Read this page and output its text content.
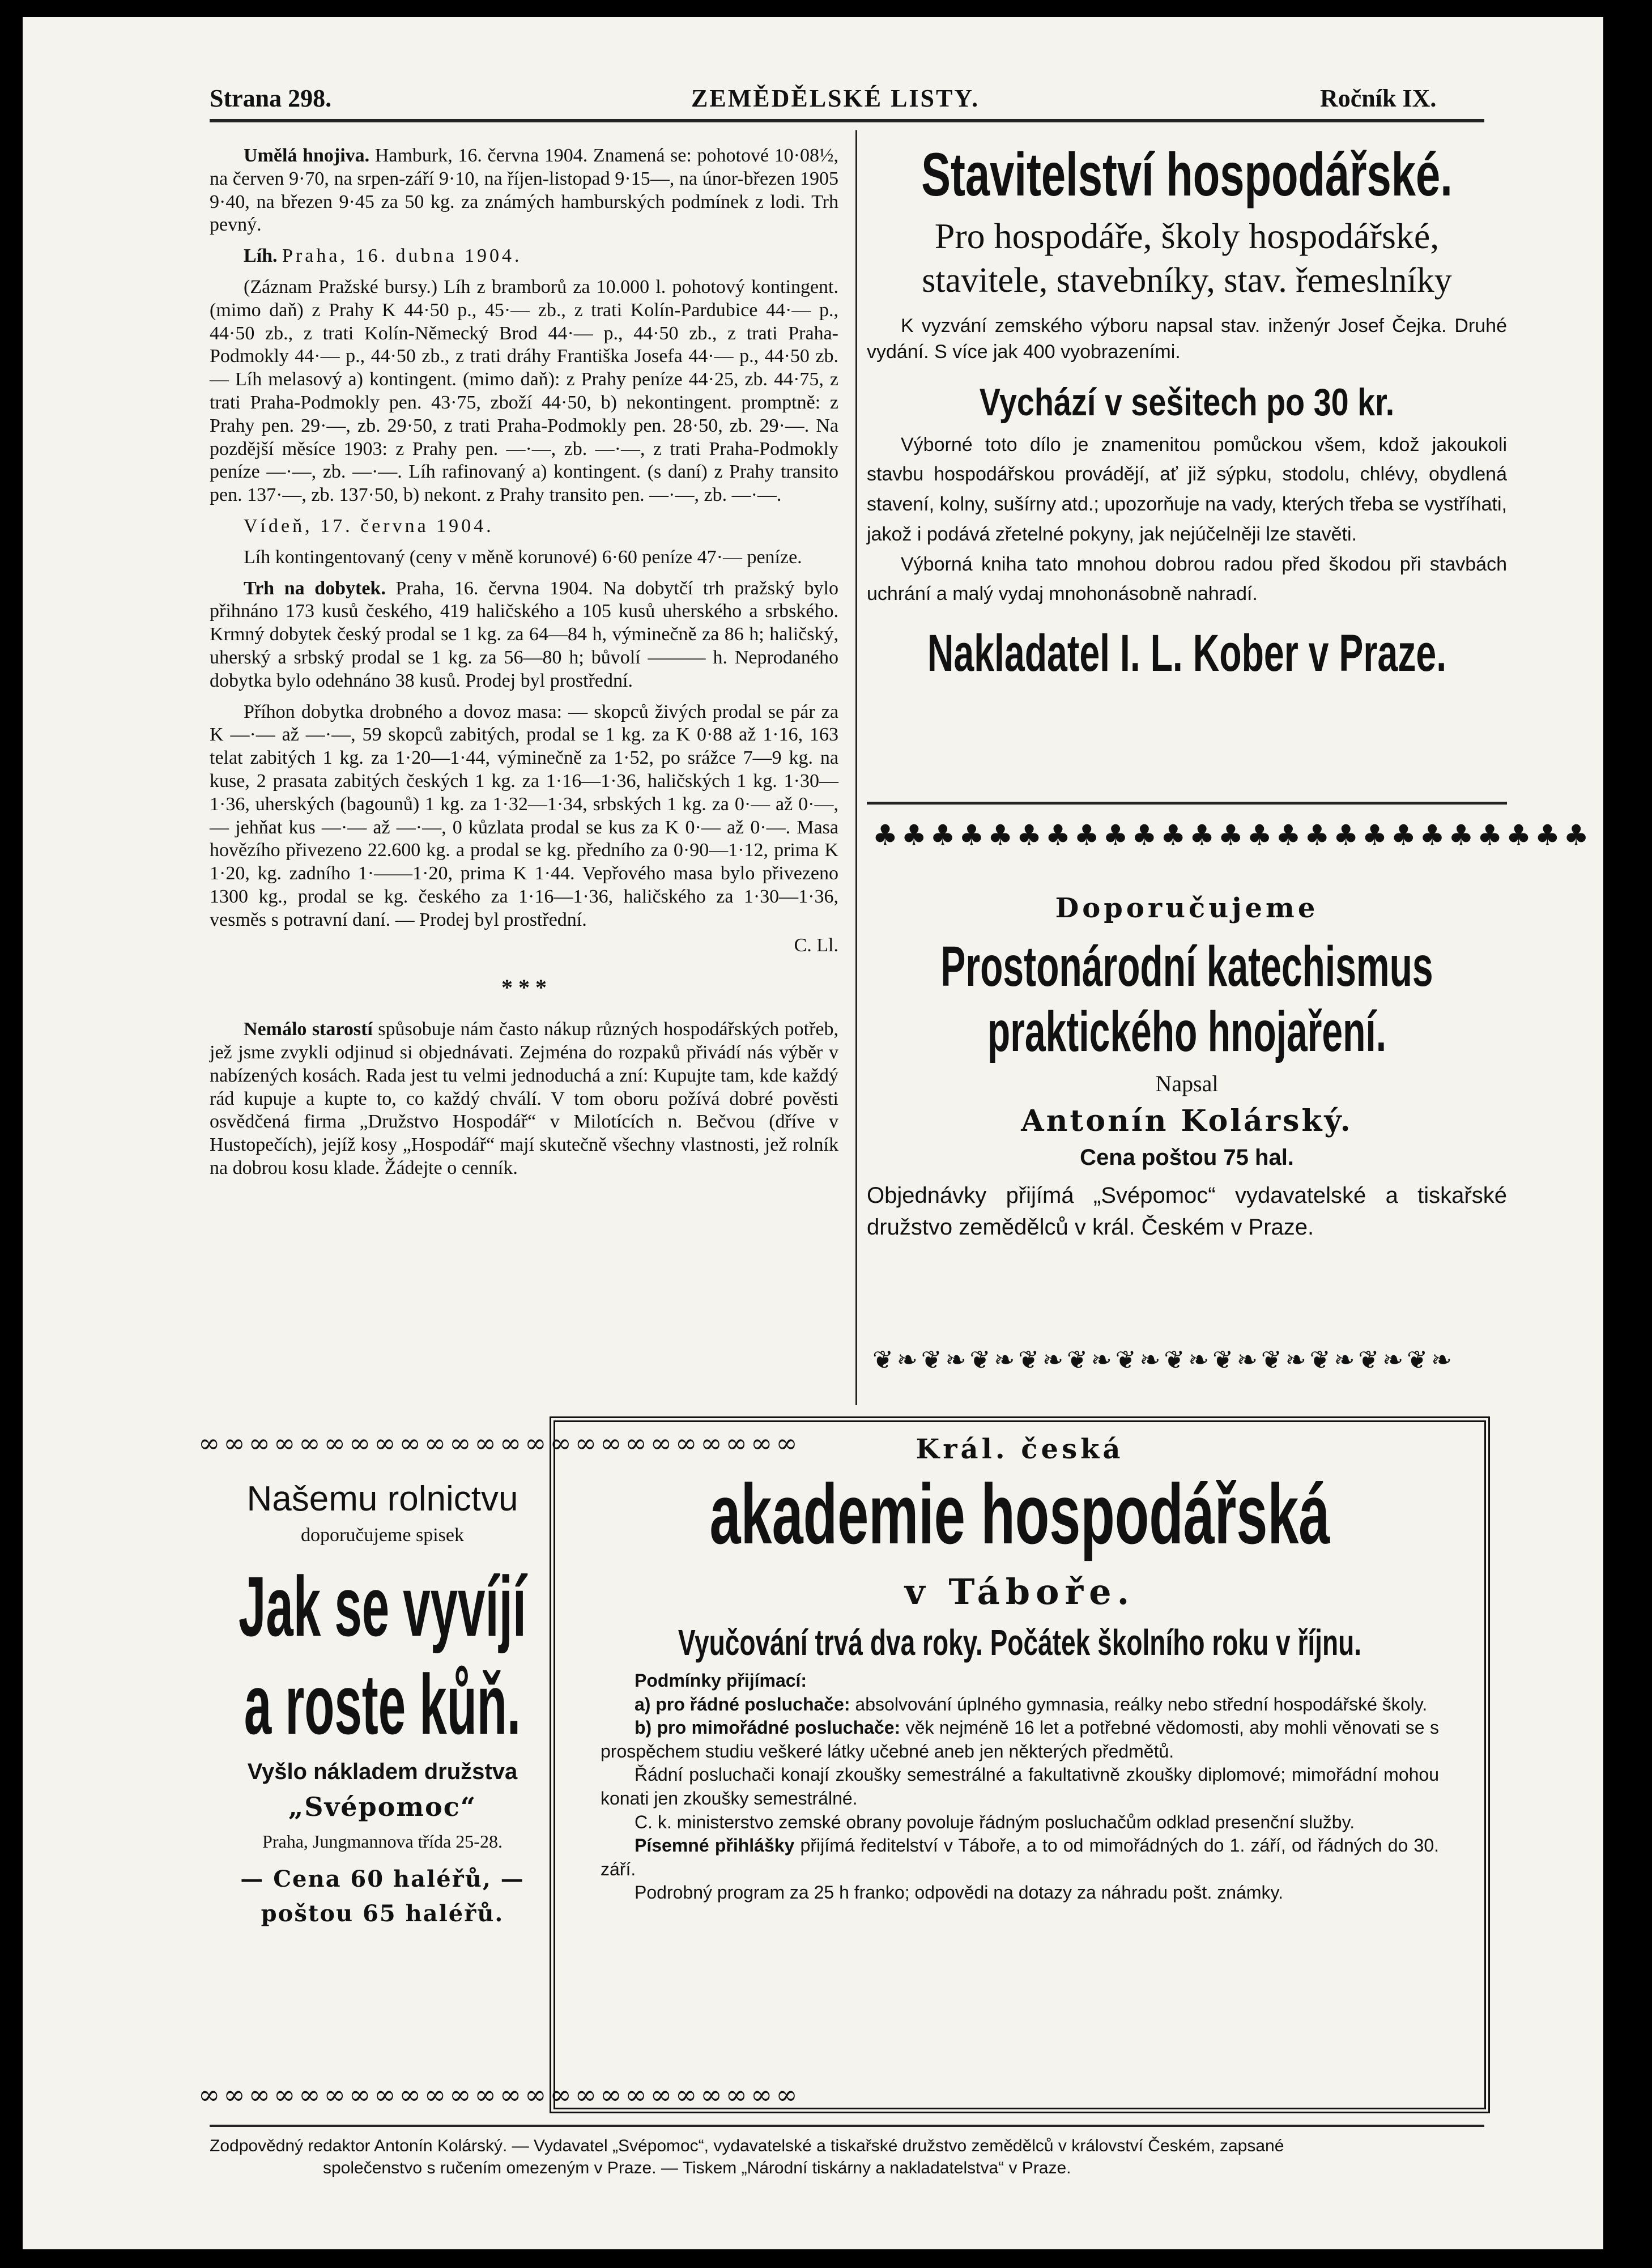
Strana 298.	ZEMĚDĚLSKÉ LISTY.	Ročník IX.

Umělá hnojiva. Hamburk, 16. června 1904. Znamená se: pohotové 10·08½, na červen 9·70, na srpen-září 9·10, na říjen-listopad 9·15—, na únor-březen 1905 9·40, na březen 9·45 za 50 kg. za známých hamburských podmínek z lodi. Trh pevný.

Líh. Praha, 16. dubna 1904.

(Záznam Pražské bursy.) Líh z bramborů za 10.000 l. pohotový kontingent. (mimo daň) z Prahy K 44·50 p., 45·— zb., z trati Kolín-Pardubice 44·— p., 44·50 zb., z trati Kolín-Německý Brod 44·— p., 44·50 zb., z trati Praha-Podmokly 44·— p., 44·50 zb., z trati dráhy Františka Josefa 44·— p., 44·50 zb. — Líh melasový a) kontingent. (mimo daň): z Prahy peníze 44·25, zb. 44·75, z trati Praha-Podmokly pen. 43·75, zboží 44·50, b) nekontingent. promptně: z Prahy pen. 29·—, zb. 29·50, z trati Praha-Podmokly pen. 28·50, zb. 29·—. Na pozdější měsíce 1903: z Prahy pen. —·—, zb. —·—, z trati Praha-Podmokly peníze —·—, zb. —·—. Líh rafinovaný a) kontingent. (s daní) z Prahy transito pen. 137·—, zb. 137·50, b) nekont. z Prahy transito pen. —·—, zb. —·—.

Vídeň, 17. června 1904.

Líh kontingentovaný (ceny v měně korunové) 6·60 peníze 47·— peníze.

Trh na dobytek. Praha, 16. června 1904. Na dobytčí trh pražský bylo přihnáno 173 kusů českého, 419 haličského a 105 kusů uherského a srbského. Krmný dobytek český prodal se 1 kg. za 64—84 h, výminečně za 86 h; haličský, uherský a srbský prodal se 1 kg. za 56—80 h; bůvolí ——— h. Neprodaného dobytka bylo odehnáno 38 kusů. Prodej byl prostřední.

Příhon dobytka drobného a dovoz masa: — skopců živých prodal se pár za K —·— až —·—, 59 skopců zabitých, prodal se 1 kg. za K 0·88 až 1·16, 163 telat zabitých 1 kg. za 1·20—1·44, výminečně za 1·52, po srážce 7—9 kg. na kuse, 2 prasata zabitých českých 1 kg. za 1·16—1·36, haličských 1 kg. 1·30—1·36, uherských (bagounů) 1 kg. za 1·32—1·34, srbských 1 kg. za 0·— až 0·—, — jehňat kus —·— až —·—, 0 kůzlata prodal se kus za K 0·— až 0·—. Masa hovězího přivezeno 22.600 kg. a prodal se kg. předního za 0·90—1·12, prima K 1·20, kg. zadního 1·——1·20, prima K 1·44. Vepřového masa bylo přivezeno 1300 kg., prodal se kg. českého za 1·16—1·36, haličského za 1·30—1·36, vesměs s potravní daní. — Prodej byl prostřední.

C. Ll.

* * *

Nemálo starostí spůsobuje nám často nákup různých hospodářských potřeb, jež jsme zvykli odjinud si objednávati. Zejména do rozpaků přivádí nás výběr v nabízených kosách. Rada jest tu velmi jednoduchá a zní: Kupujte tam, kde každý rád kupuje a kupte to, co každý chválí. V tom oboru požívá dobré pověsti osvědčená firma „Družstvo Hospodář“ v Milotících n. Bečvou (dříve v Hustopečích), jejíž kosy „Hospodář“ mají skutečně všechny vlastnosti, jež rolník na dobrou kosu klade. Žádejte o cenník.

Stavitelství hospodářské.
Pro hospodáře, školy hospodářské,
stavitele, stavebníky, stav. řemeslníky
K vyzvání zemského výboru napsal stav. inženýr Josef Čejka. Druhé vydání. S více jak 400 vyobrazeními.
Vychází v sešitech po 30 kr.
Výborné toto dílo je znamenitou pomůckou všem, kdož jakoukoli stavbu hospodářskou provádějí, ať již sýpku, stodolu, chlévy, obydlená stavení, kolny, sušírny atd.; upozorňuje na vady, kterých třeba se vystříhati, jakož i podává zřetelné pokyny, jak nejúčelněji lze stavěti.
Výborná kniha tato mnohou dobrou radou před škodou při stavbách uchrání a malý vydaj mnohonásobně nahradí.
Nakladatel I. L. Kober v Praze.
♣♣♣♣♣♣♣♣♣♣♣♣♣♣♣♣♣♣♣♣♣♣♣♣♣
Doporučujeme
Prostonárodní katechismus
praktického hnojaření.
Napsal
Antonín Kolárský.
Cena poštou 75 hal.
Objednávky přijímá „Svépomoc“ vydavatelské a tiskařské družstvo zemědělců v král. Českém v Praze.
❦❧❦❧❦❧❦❧❦❧❦❧❦❧❦❧❦❧❦❧❦❧❦❧
∞∞∞∞∞∞∞∞∞∞∞∞∞∞∞∞∞∞∞∞∞∞∞∞
Našemu rolnictvu
doporučujeme spisek
Jak se vyvíjí
a roste kůň.
Vyšlo nákladem družstva
„Svépomoc“
Praha, Jungmannova třída 25-28.
— Cena 60 haléřů, —
poštou 65 haléřů.
∞∞∞∞∞∞∞∞∞∞∞∞∞∞∞∞∞∞∞∞∞∞∞∞
Král. česká
akademie hospodářská
v Táboře.
Vyučování trvá dva roky. Počátek školního roku v říjnu.
Podmínky přijímací:
a) pro řádné posluchače: absolvování úplného gymnasia, reálky nebo střední hospodářské školy.
b) pro mimořádné posluchače: věk nejméně 16 let a potřebné vědomosti, aby mohli věnovati se s prospěchem studiu veškeré látky učebné aneb jen některých předmětů.
Řádní posluchači konají zkoušky semestrálné a fakultativně zkoušky diplomové; mimořádní mohou konati jen zkoušky semestrálné.
C. k. ministerstvo zemské obrany povoluje řádným posluchačům odklad presenční služby.
Písemné přihlášky přijímá ředitelství v Táboře, a to od mimořádných do 1. září, od řádných do 30. září.
Podrobný program za 25 h franko; odpovědi na dotazy za náhradu pošt. známky.
Zodpovědný redaktor Antonín Kolárský. — Vydavatel „Svépomoc“, vydavatelské a tiskařské družstvo zemědělců v království Českém, zapsané
společenstvo s ručením omezeným v Praze. — Tiskem „Národní tiskárny a nakladatelstva“ v Praze.
